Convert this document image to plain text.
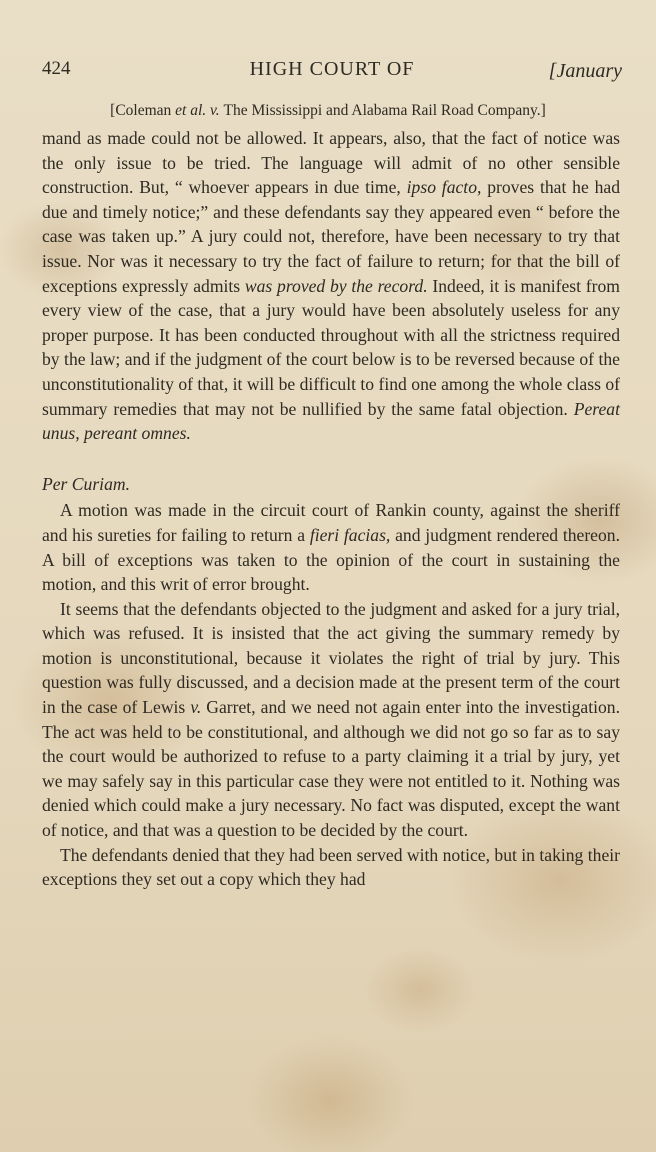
424	HIGH COURT OF	[January
[Coleman et al. v. The Mississippi and Alabama Rail Road Company.]

mand as made could not be allowed. It appears, also, that the fact of notice was the only issue to be tried. The language will admit of no other sensible construction. But, “ whoever appears in due time, ipso facto, proves that he had due and timely notice;” and these defendants say they appeared even “ before the case was taken up.” A jury could not, therefore, have been necessary to try that issue. Nor was it necessary to try the fact of failure to return; for that the bill of exceptions expressly admits was proved by the record. Indeed, it is manifest from every view of the case, that a jury would have been absolutely useless for any proper purpose. It has been conducted throughout with all the strictness required by the law; and if the judgment of the court below is to be reversed because of the unconstitutionality of that, it will be difficult to find one among the whole class of summary remedies that may not be nullified by the same fatal objection. Pereat unus, pereant omnes.

Per Curiam.

A motion was made in the circuit court of Rankin county, against the sheriff and his sureties for failing to return a fieri facias, and judgment rendered thereon. A bill of exceptions was taken to the opinion of the court in sustaining the motion, and this writ of error brought.

It seems that the defendants objected to the judgment and asked for a jury trial, which was refused. It is insisted that the act giving the summary remedy by motion is unconstitutional, because it violates the right of trial by jury. This question was fully discussed, and a decision made at the present term of the court in the case of Lewis v. Garret, and we need not again enter into the investigation. The act was held to be constitutional, and although we did not go so far as to say the court would be authorized to refuse to a party claiming it a trial by jury, yet we may safely say in this particular case they were not entitled to it. Nothing was denied which could make a jury necessary. No fact was disputed, except the want of notice, and that was a question to be decided by the court.

The defendants denied that they had been served with notice, but in taking their exceptions they set out a copy which they had
